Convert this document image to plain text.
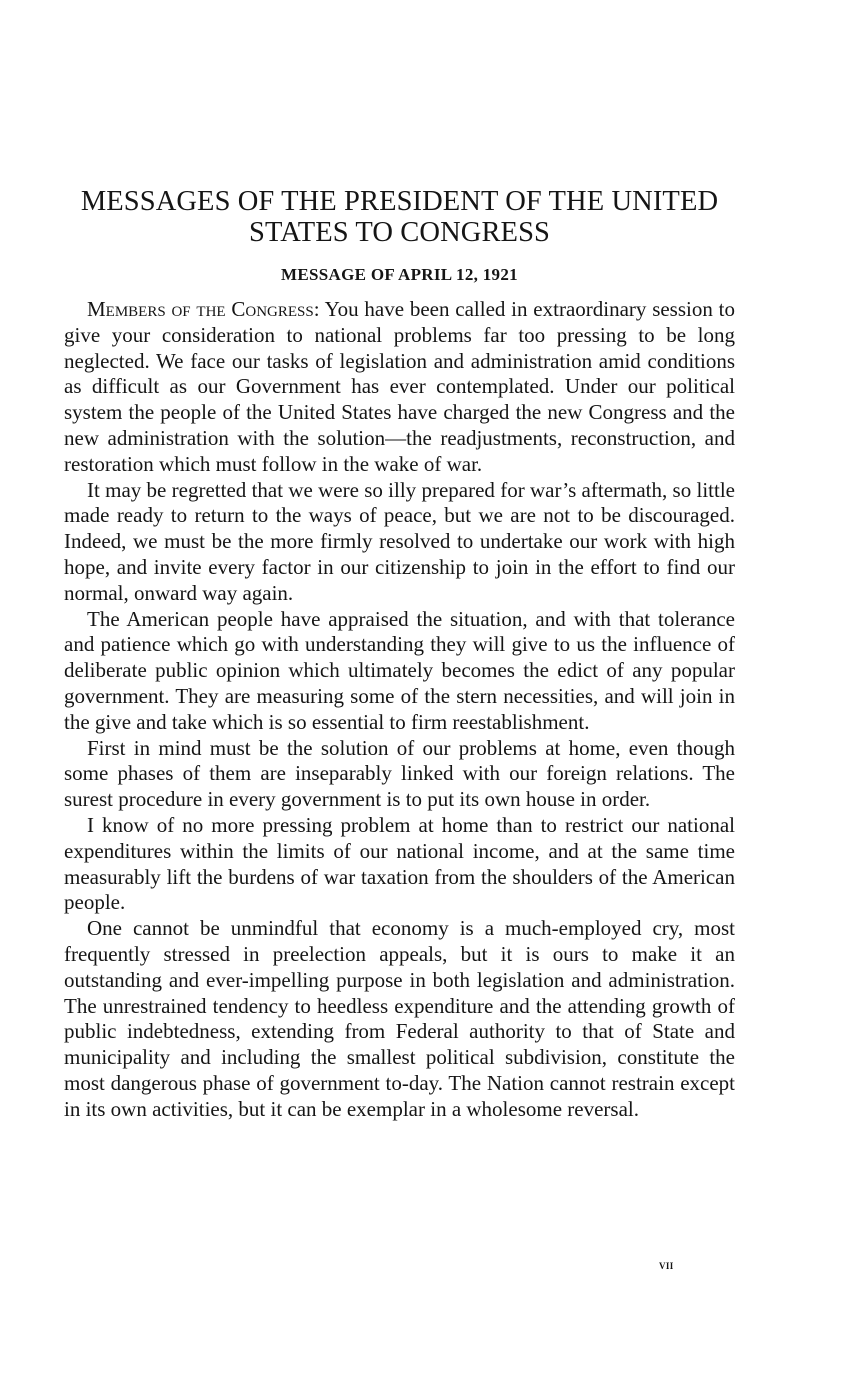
MESSAGES OF THE PRESIDENT OF THE UNITED STATES TO CONGRESS
MESSAGE OF APRIL 12, 1921

Members of the Congress: You have been called in extraordinary session to give your consideration to national problems far too pressing to be long neglected. We face our tasks of legislation and administration amid conditions as difficult as our Government has ever contemplated. Under our political system the people of the United States have charged the new Congress and the new administration with the solution—the readjustments, reconstruction, and restoration which must follow in the wake of war.

It may be regretted that we were so illy prepared for war’s aftermath, so little made ready to return to the ways of peace, but we are not to be discouraged. Indeed, we must be the more firmly resolved to undertake our work with high hope, and invite every factor in our citizenship to join in the effort to find our normal, onward way again.

The American people have appraised the situation, and with that tolerance and patience which go with understanding they will give to us the influence of deliberate public opinion which ultimately becomes the edict of any popular government. They are measuring some of the stern necessities, and will join in the give and take which is so essential to firm reestablishment.

First in mind must be the solution of our problems at home, even though some phases of them are inseparably linked with our foreign relations. The surest procedure in every government is to put its own house in order.

I know of no more pressing problem at home than to restrict our national expenditures within the limits of our national income, and at the same time measurably lift the burdens of war taxation from the shoulders of the American people.

One cannot be unmindful that economy is a much-employed cry, most frequently stressed in preelection appeals, but it is ours to make it an outstanding and ever-impelling purpose in both legislation and administration. The unrestrained tendency to heedless expenditure and the attending growth of public indebtedness, extending from Federal authority to that of State and municipality and including the smallest political subdivision, constitute the most dangerous phase of government to-day. The Nation cannot restrain except in its own activities, but it can be exemplar in a wholesome reversal.

vii
